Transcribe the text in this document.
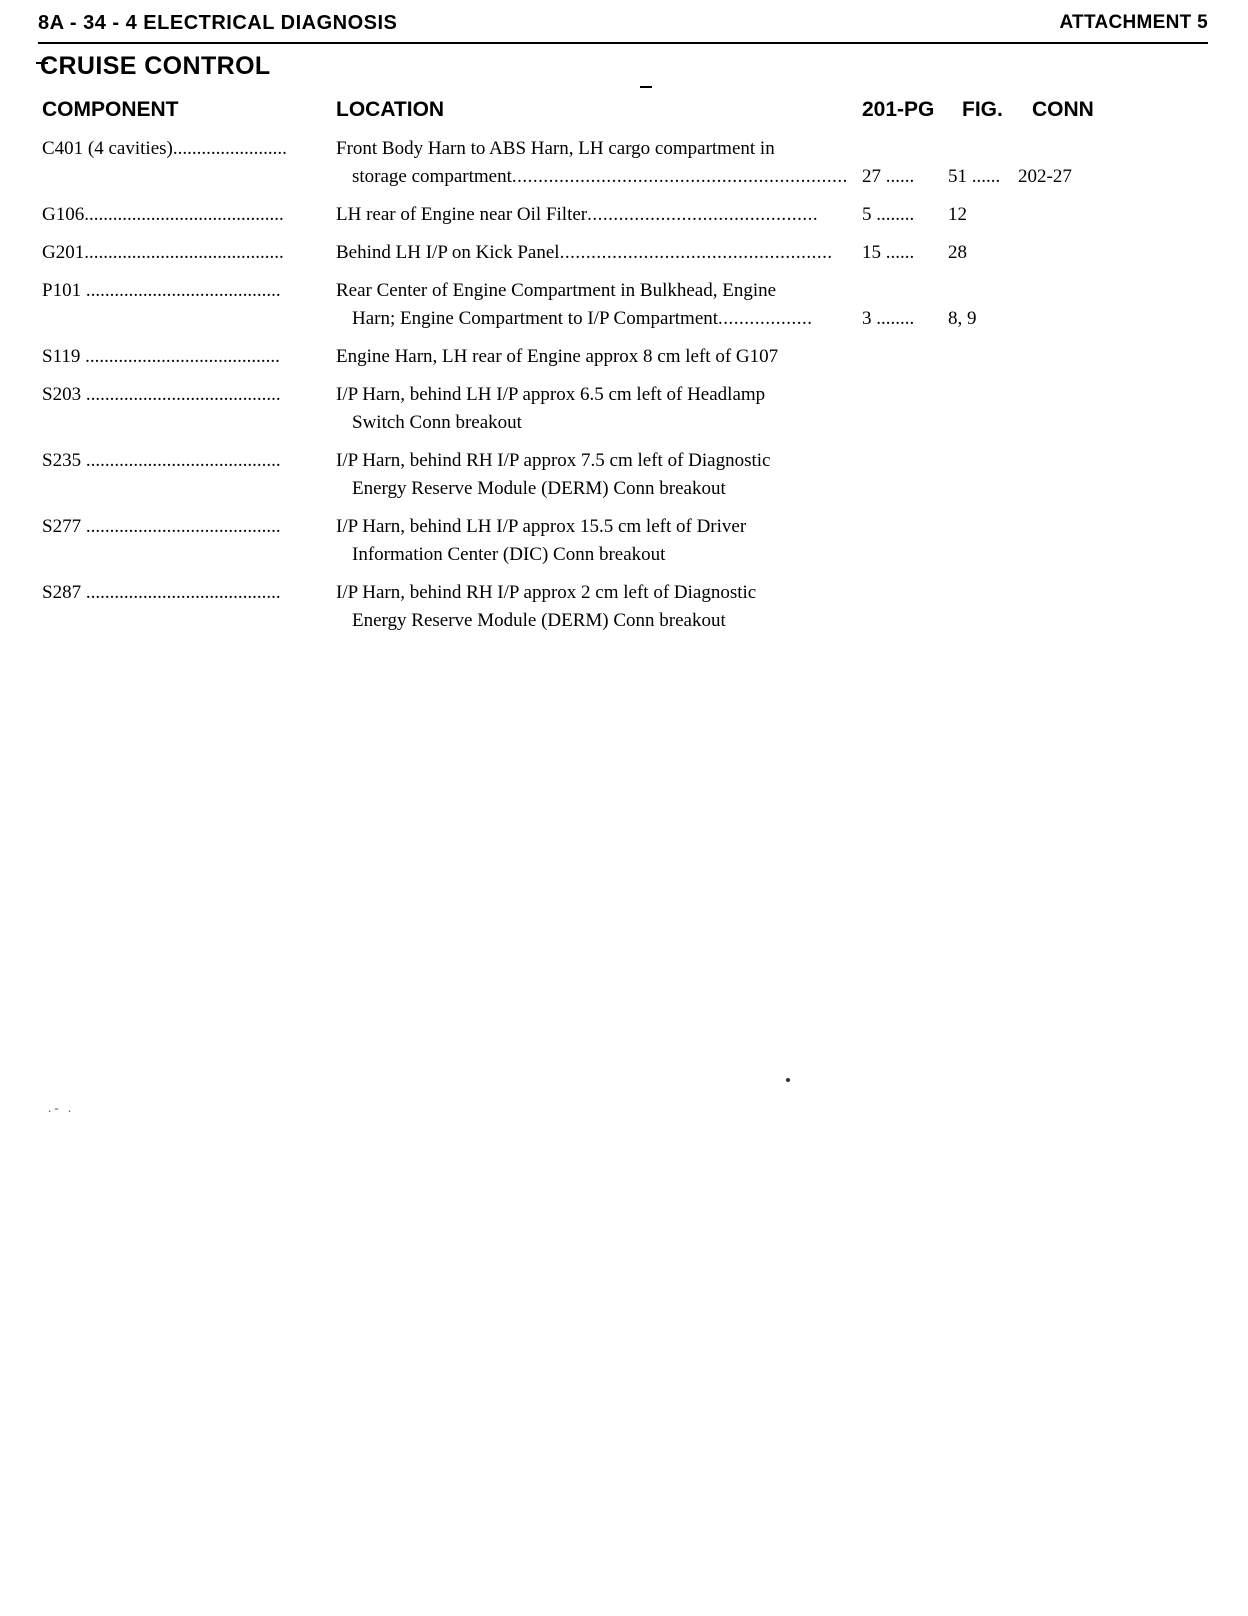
8A - 34 - 4 ELECTRICAL DIAGNOSIS	ATTACHMENT 5
CRUISE CONTROL
COMPONENT	LOCATION	201-PG FIG. CONN
.- .
C401 (4 cavities)........................	Front Body Harn to ABS Harn, LH cargo compartment in
storage compartment................................................................ 27 ......	51 ...... 202-27
G106..........................................	LH rear of Engine near Oil Filter............................................	5 ........	12
G201..........................................	Behind LH I/P on Kick Panel....................................................	15 ......	28
P101 .........................................	Rear Center of Engine Compartment in Bulkhead, Engine
Harn; Engine Compartment to I/P Compartment..................	3 ........	8, 9
S119 .........................................	Engine Harn, LH rear of Engine approx 8 cm left of G107
S203 .........................................	I/P Harn, behind LH I/P approx 6.5 cm left of Headlamp
Switch Conn breakout
S235 .........................................	I/P Harn, behind RH I/P approx 7.5 cm left of Diagnostic
Energy Reserve Module (DERM) Conn breakout
S277 .........................................	I/P Harn, behind LH I/P approx 15.5 cm left of Driver
Information Center (DIC) Conn breakout
S287 .........................................	I/P Harn, behind RH I/P approx 2 cm left of Diagnostic
Energy Reserve Module (DERM) Conn breakout
